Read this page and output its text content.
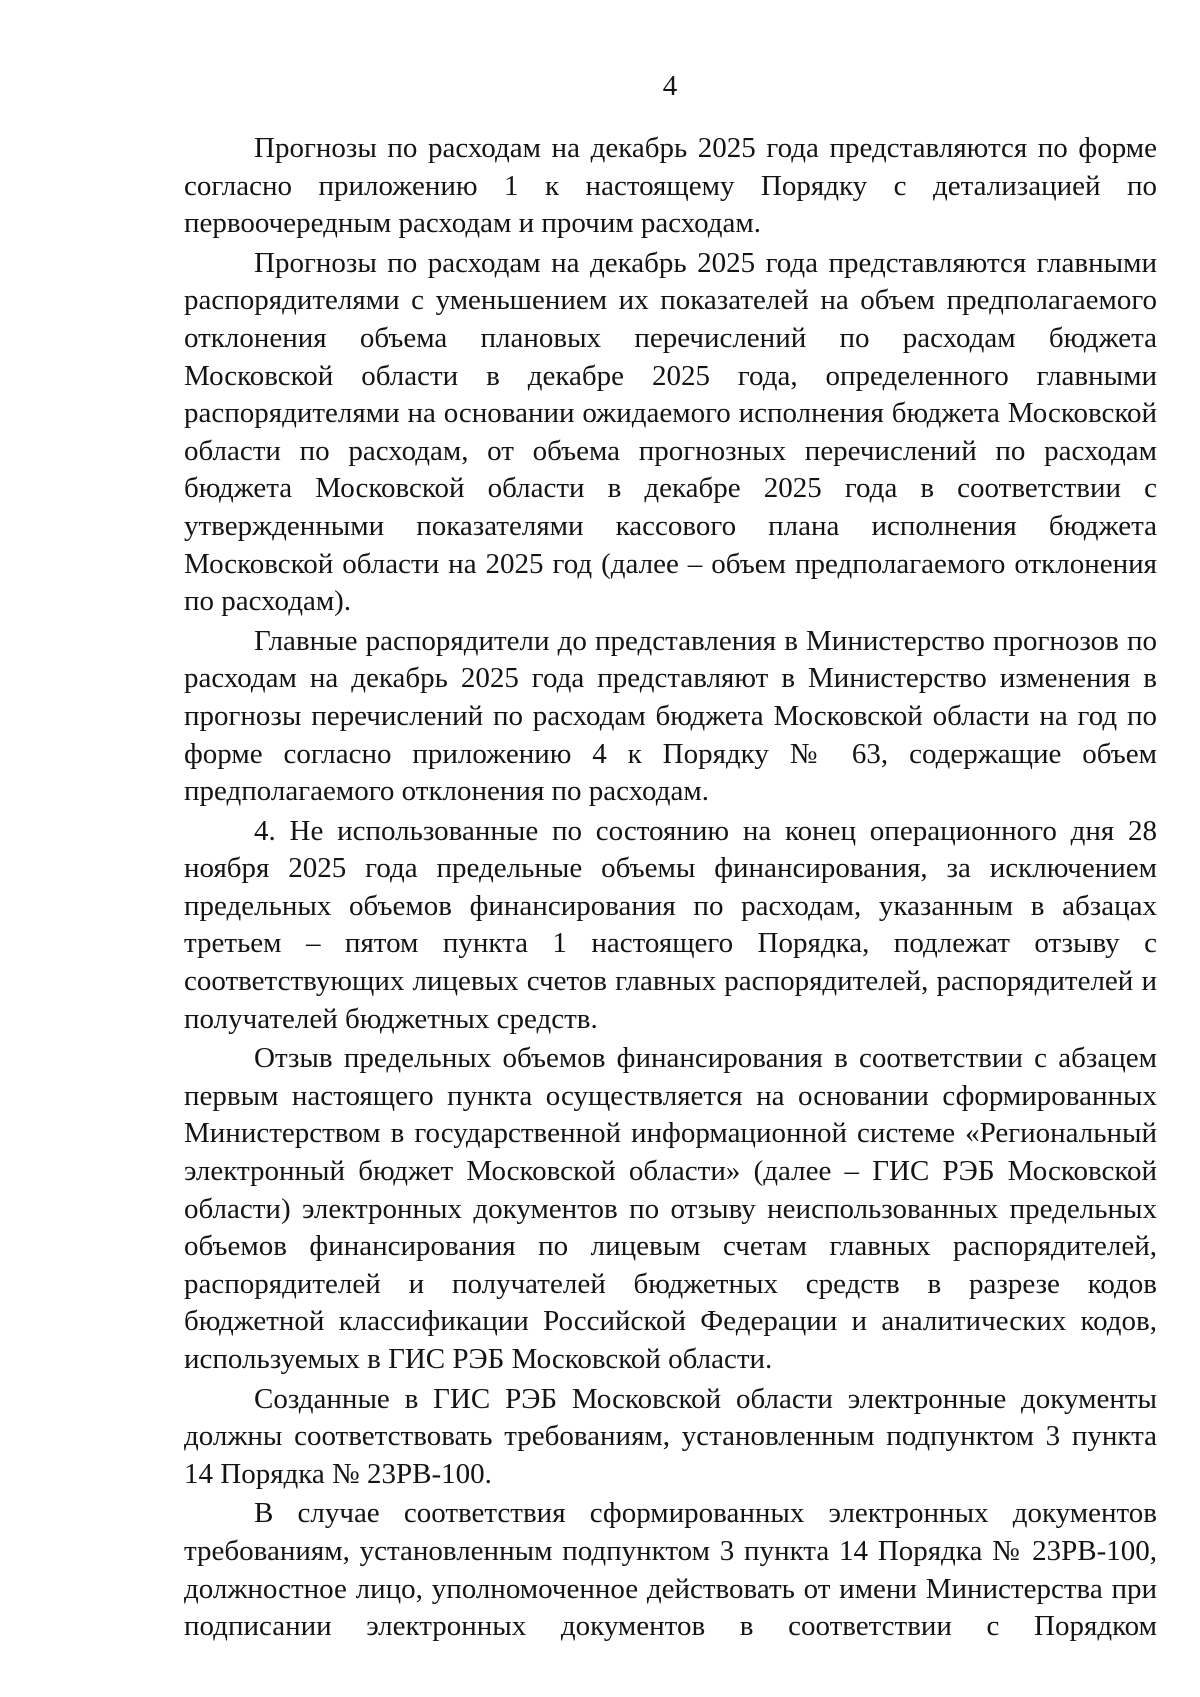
4

Прогнозы по расходам на декабрь 2025 года представляются по форме согласно приложению 1 к настоящему Порядку с детализацией по первоочередным расходам и прочим расходам.

Прогнозы по расходам на декабрь 2025 года представляются главными распорядителями с уменьшением их показателей на объем предполагаемого отклонения объема плановых перечислений по расходам бюджета Московской области в декабре 2025 года, определенного главными распорядителями на основании ожидаемого исполнения бюджета Московской области по расходам, от объема прогнозных перечислений по расходам бюджета Московской области в декабре 2025 года в соответствии с утвержденными показателями кассового плана исполнения бюджета Московской области на 2025 год (далее – объем предполагаемого отклонения по расходам).

Главные распорядители до представления в Министерство прогнозов по расходам на декабрь 2025 года представляют в Министерство изменения в прогнозы перечислений по расходам бюджета Московской области на год по форме согласно приложению 4 к Порядку № 63, содержащие объем предполагаемого отклонения по расходам.

4. Не использованные по состоянию на конец операционного дня 28 ноября 2025 года предельные объемы финансирования, за исключением предельных объемов финансирования по расходам, указанным в абзацах третьем – пятом пункта 1 настоящего Порядка, подлежат отзыву с соответствующих лицевых счетов главных распорядителей, распорядителей и получателей бюджетных средств.

Отзыв предельных объемов финансирования в соответствии с абзацем первым настоящего пункта осуществляется на основании сформированных Министерством в государственной информационной системе «Региональный электронный бюджет Московской области» (далее – ГИС РЭБ Московской области) электронных документов по отзыву неиспользованных предельных объемов финансирования по лицевым счетам главных распорядителей, распорядителей и получателей бюджетных средств в разрезе кодов бюджетной классификации Российской Федерации и аналитических кодов, используемых в ГИС РЭБ Московской области.

Созданные в ГИС РЭБ Московской области электронные документы должны соответствовать требованиям, установленным подпунктом 3 пункта 14 Порядка № 23РВ-100.

В случае соответствия сформированных электронных документов требованиям, установленным подпунктом 3 пункта 14 Порядка № 23РВ-100, должностное лицо, уполномоченное действовать от имени Министерства при подписании электронных документов в соответствии с Порядком
